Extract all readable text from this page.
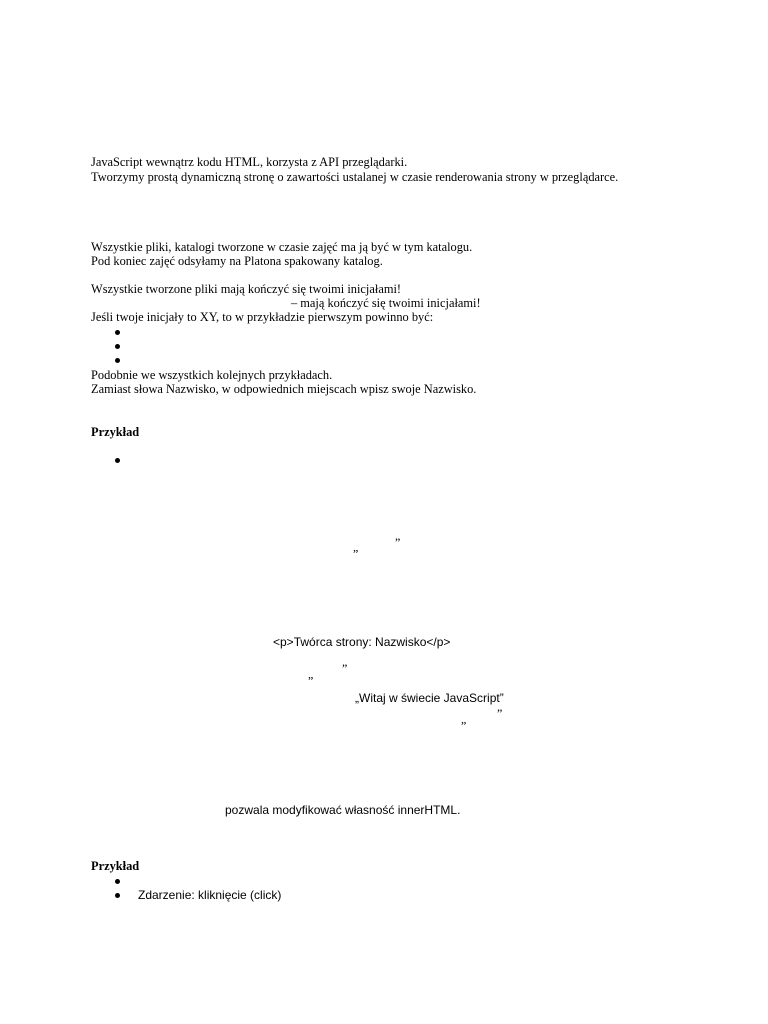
JavaScript wewnątrz kodu HTML, korzysta z API przeglądarki.
Tworzymy prostą dynamiczną stronę o zawartości ustalanej w czasie renderowania strony w przeglądarce.
Wszystkie pliki, katalogi tworzone w czasie zajęć ma ją być w tym katalogu.
Pod koniec zajęć odsyłamy na Platona spakowany katalog.
Wszystkie tworzone pliki mają kończyć się twoimi inicjałami!
– mają kończyć się twoimi inicjałami!
Jeśli twoje inicjały to XY, to w przykładzie pierwszym powinno być:
Podobnie we wszystkich kolejnych przykładach.
Zamiast słowa Nazwisko, w odpowiednich miejscach wpisz swoje Nazwisko.
Przykład
„	”
<p>Twórca strony: Nazwisko</p>
„ ”
„Witaj w świecie JavaScript”
„	”
pozwala modyfikować własność innerHTML.
Przykład
Zdarzenie: kliknięcie (click)
